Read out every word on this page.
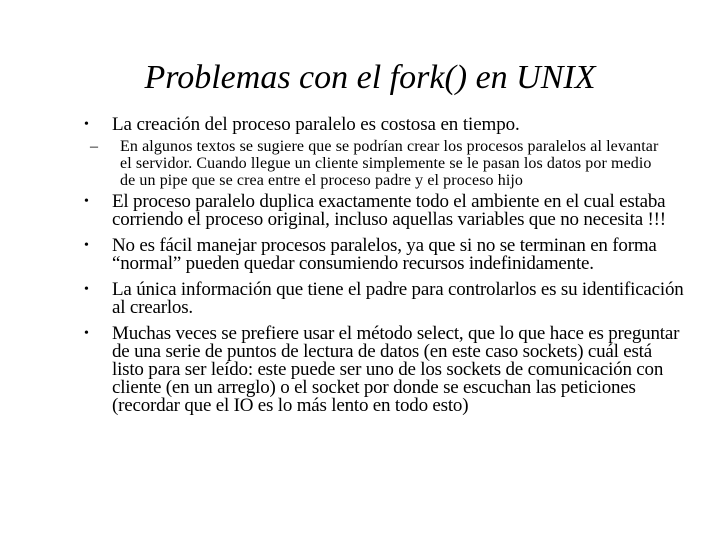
Problemas con el fork() en UNIX
• La creación del proceso paralelo es costosa en tiempo.
– En algunos textos se sugiere que se podrían crear los procesos paralelos al levantar el servidor. Cuando llegue un cliente simplemente se le pasan los datos por medio de un pipe que se crea entre el proceso padre y el proceso hijo
• El proceso paralelo duplica exactamente todo el ambiente en el cual estaba corriendo el proceso original, incluso aquellas variables que no necesita !!!
• No es fácil manejar procesos paralelos, ya que si no se terminan en forma “normal” pueden quedar consumiendo recursos indefinidamente.
• La única información que tiene el padre para controlarlos es su identificación al crearlos.
• Muchas veces se prefiere usar el método select, que lo que hace es preguntar de una serie de puntos de lectura de datos (en este caso sockets) cuál está listo para ser leído: este puede ser uno de los sockets de comunicación con cliente (en un arreglo) o el socket por donde se escuchan las peticiones (recordar que el IO es lo más lento en todo esto)
